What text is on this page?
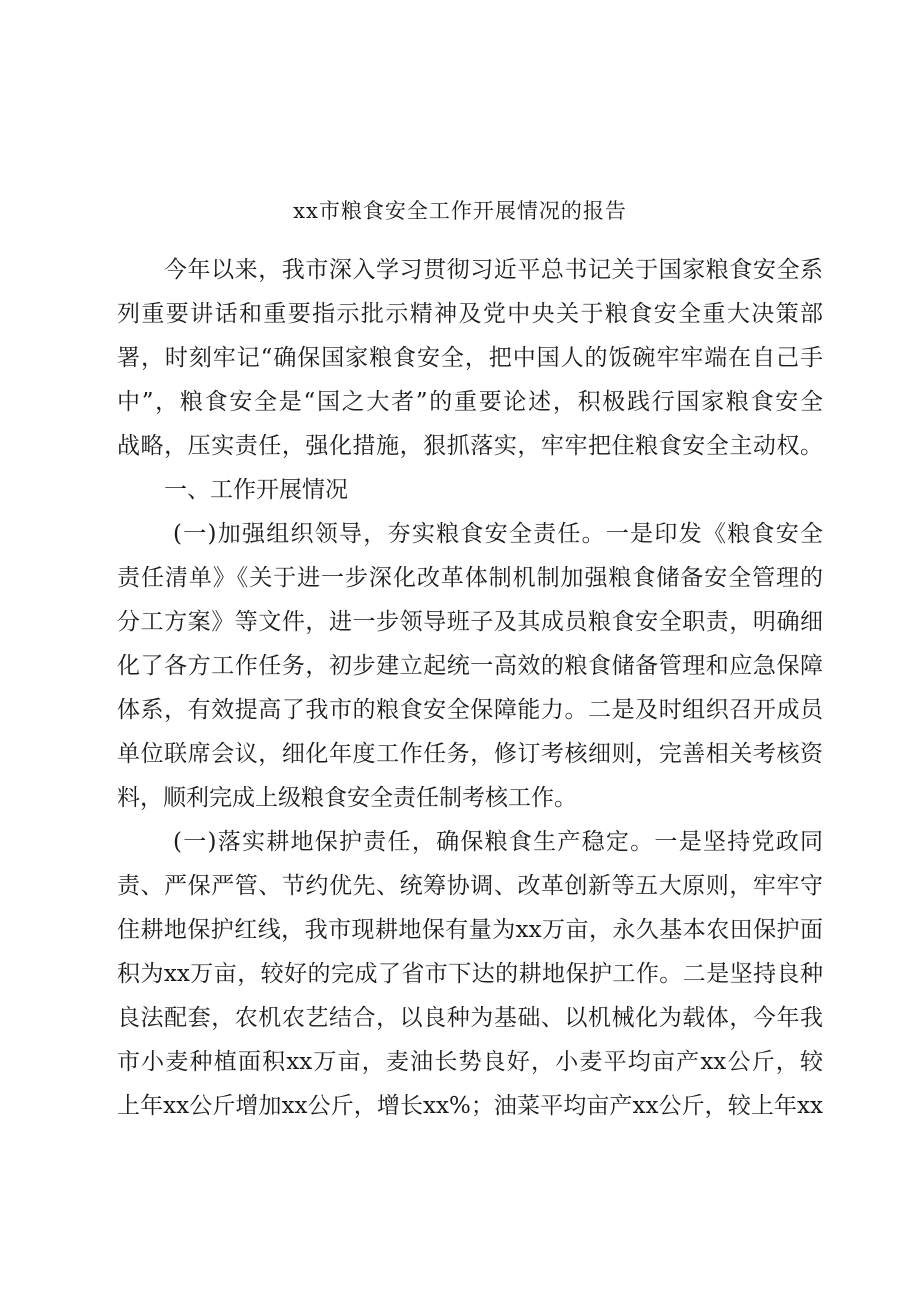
xx市粮食安全工作开展情况的报告
今年以来，我市深入学习贯彻习近平总书记关于国家粮食安全系
列重要讲话和重要指示批示精神及党中央关于粮食安全重大决策部
署，时刻牢记“确保国家粮食安全，把中国人的饭碗牢牢端在自己手
中”，粮食安全是“国之大者”的重要论述，积极践行国家粮食安全
战略，压实责任，强化措施，狠抓落实，牢牢把住粮食安全主动权。
一、工作开展情况
(一)加强组织领导，夯实粮食安全责任。一是印发《粮食安全
责任清单》《关于进一步深化改革体制机制加强粮食储备安全管理的
分工方案》等文件，进一步领导班子及其成员粮食安全职责，明确细
化了各方工作任务，初步建立起统一高效的粮食储备管理和应急保障
体系，有效提高了我市的粮食安全保障能力。二是及时组织召开成员
单位联席会议，细化年度工作任务，修订考核细则，完善相关考核资
料，顺利完成上级粮食安全责任制考核工作。
(一)落实耕地保护责任，确保粮食生产稳定。一是坚持党政同
责、严保严管、节约优先、统筹协调、改革创新等五大原则，牢牢守
住耕地保护红线，我市现耕地保有量为xx万亩，永久基本农田保护面
积为xx万亩，较好的完成了省市下达的耕地保护工作。二是坚持良种
良法配套，农机农艺结合，以良种为基础、以机械化为载体，今年我
市小麦种植面积xx万亩，麦油长势良好，小麦平均亩产xx公斤，较
上年xx公斤增加xx公斤，增长xx%；油菜平均亩产xx公斤，较上年xx
